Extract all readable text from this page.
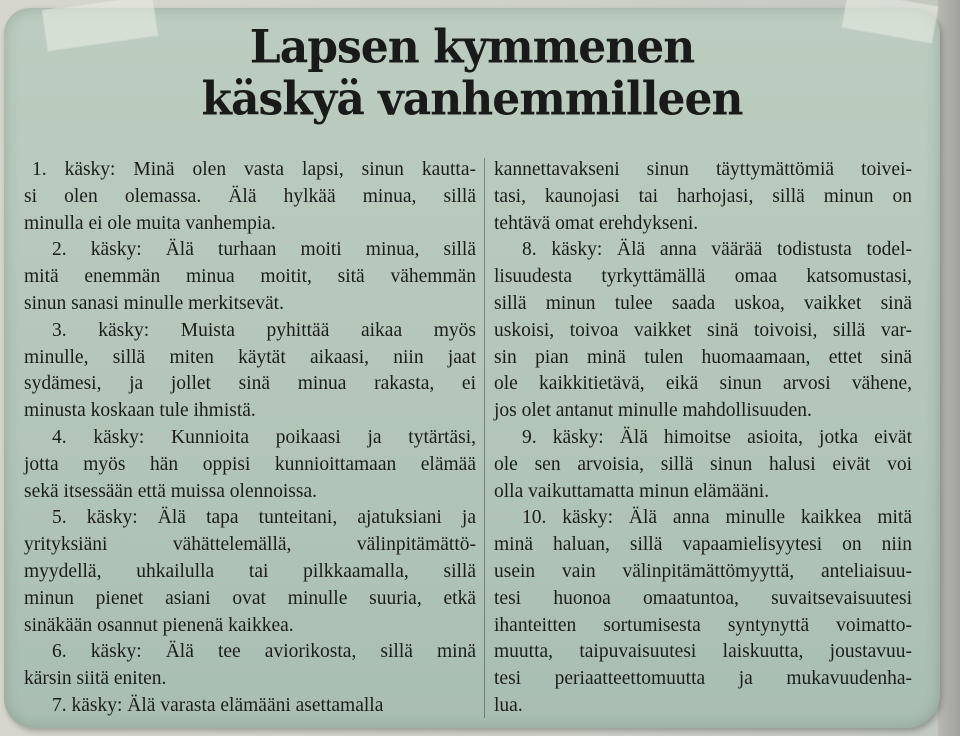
Lapsen kymmenen
käskyä vanhemmilleen

1. käsky: Minä olen vasta lapsi, sinun kautta-
si olen olemassa. Älä hylkää minua, sillä
minulla ei ole muita vanhempia.

2. käsky: Älä turhaan moiti minua, sillä
mitä enemmän minua moitit, sitä vähemmän
sinun sanasi minulle merkitsevät.

3. käsky: Muista pyhittää aikaa myös
minulle, sillä miten käytät aikaasi, niin jaat
sydämesi, ja jollet sinä minua rakasta, ei
minusta koskaan tule ihmistä.

4. käsky: Kunnioita poikaasi ja tytärtäsi,
jotta myös hän oppisi kunnioittamaan elämää
sekä itsessään että muissa olennoissa.

5. käsky: Älä tapa tunteitani, ajatuksiani ja
yrityksiäni vähättelemällä, välinpitämättö-
myydellä, uhkailulla tai pilkkaamalla, sillä
minun pienet asiani ovat minulle suuria, etkä
sinäkään osannut pienenä kaikkea.

6. käsky: Älä tee aviorikosta, sillä minä
kärsin siitä eniten.

7. käsky: Älä varasta elämääni asettamalla

kannettavakseni sinun täyttymättömiä toivei-
tasi, kaunojasi tai harhojasi, sillä minun on
tehtävä omat erehdykseni.

8. käsky: Älä anna väärää todistusta todel-
lisuudesta tyrkyttämällä omaa katsomustasi,
sillä minun tulee saada uskoa, vaikket sinä
uskoisi, toivoa vaikket sinä toivoisi, sillä var-
sin pian minä tulen huomaamaan, ettet sinä
ole kaikkitietävä, eikä sinun arvosi vähene,
jos olet antanut minulle mahdollisuuden.

9. käsky: Älä himoitse asioita, jotka eivät
ole sen arvoisia, sillä sinun halusi eivät voi
olla vaikuttamatta minun elämääni.

10. käsky: Älä anna minulle kaikkea mitä
minä haluan, sillä vapaamielisyytesi on niin
usein vain välinpitämättömyyttä, anteliaisuu-
tesi huonoa omaatuntoa, suvaitsevaisuutesi
ihanteitten sortumisesta syntynyttä voimatto-
muutta, taipuvaisuutesi laiskuutta, joustavuu-
tesi periaatteettomuutta ja mukavuudenha-
lua.
